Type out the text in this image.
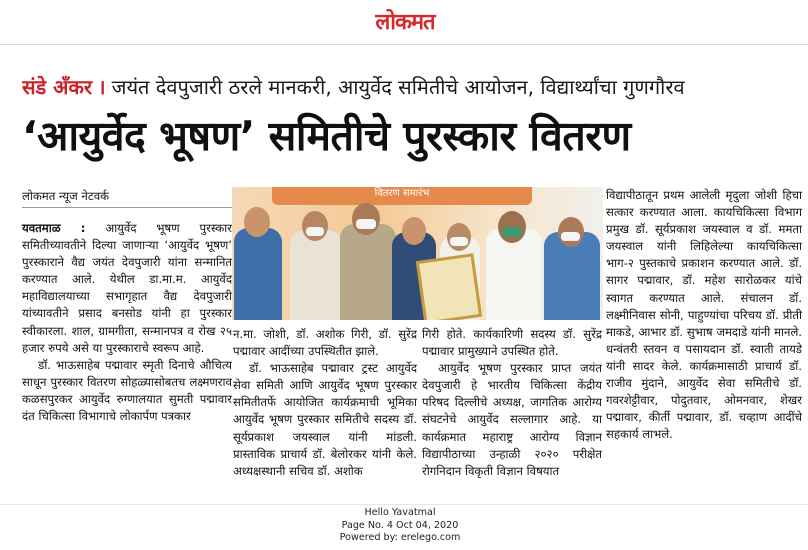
लोकमत
संडे अँकर । जयंत देवपुजारी ठरले मानकरी, आयुर्वेद समितीचे आयोजन, विद्यार्थ्यांचा गुणगौरव
‘आयुर्वेद भूषण’ समितीचे पुरस्कार वितरण
लोकमत न्यूज नेटवर्क

यवतमाळ : आयुर्वेद भूषण पुरस्कार समितीच्यावतीने दिल्या जाणाऱ्या ‘आयुर्वेद भूषण’ पुरस्काराने वैद्य जयंत देवपुजारी यांना सन्मानित करण्यात आले. येथील डा.मा.म. आयुर्वेद महाविद्यालयाच्या सभागृहात वैद्य देवपुजारी यांच्यावतीने प्रसाद बनसोड यांनी हा पुरस्कार स्वीकारला. शाल, ग्रामगीता, सन्मानपत्र व रोख २५ हजार रुपये असे या पुरस्काराचे स्वरूप आहे.

डॉ. भाऊसाहेब पद्मावार स्मृती दिनाचे औचित्य साधून पुरस्कार वितरण सोहळ्यासोबतच लक्ष्मणराव कळसपुरकर आयुर्वेद रुग्णालयात सुमती पद्मावार दंत चिकित्सा विभागाचे लोकार्पण पत्रकार

वितरण समारंभ

न.मा. जोशी, डॉ. अशोक गिरी, डॉ. सुरेंद्र पद्मावार आदींच्या उपस्थितीत झाले.

डॉ. भाऊसाहेब पद्मावार ट्रस्ट आयुर्वेद सेवा समिती आणि आयुर्वेद भूषण पुरस्कार समितीतर्फे आयोजित कार्यक्रमाची भूमिका आयुर्वेद भूषण पुरस्कार समितीचे सदस्य डॉ. सूर्यप्रकाश जयस्वाल यांनी मांडली. प्रास्ताविक प्राचार्य डॉ. बेलोरकर यांनी केले. अध्यक्षस्थानी सचिव डॉ. अशोक

गिरी होते. कार्यकारिणी सदस्य डॉ. सुरेंद्र पद्मावार प्रामुख्याने उपस्थित होते.

आयुर्वेद भूषण पुरस्कार प्राप्त जयंत देवपुजारी हे भारतीय चिकित्सा केंद्रीय परिषद दिल्लीचे अध्यक्ष, जागतिक आरोग्य संघटनेचे आयुर्वेद सल्लागार आहे. या कार्यक्रमात महाराष्ट्र आरोग्य विज्ञान विद्यापीठाच्या उन्हाळी २०२० परीक्षेत रोगनिदान विकृती विज्ञान विषयात

विद्यापीठातून प्रथम आलेली मृदुला जोशी हिचा सत्कार करण्यात आला. कायचिकित्सा विभाग प्रमुख डॉ. सूर्यप्रकाश जयस्वाल व डॉ. ममता जयस्वाल यांनी लिहिलेल्या कायचिकित्सा भाग-२ पुस्तकाचे प्रकाशन करण्यात आले. डॉ. सागर पद्मावार, डॉ. महेश सारोळकर यांचे स्वागत करण्यात आले. संचालन डॉ. लक्ष्मीनिवास सोनी, पाहुण्यांचा परिचय डॉ. प्रीती माकडे, आभार डॉ. सुभाष जमदाडे यांनी मानले. धन्वंतरी स्तवन व पसायदान डॉ. स्वाती तायडे यांनी सादर केले. कार्यक्रमासाठी प्राचार्य डॉ. राजीव मुंदाने, आयुर्वेद सेवा समितीचे डॉ. गवरशेट्टीवार, पोदुतवार, ओमनवार, शेखर पद्मावार, कीर्ती पद्मावार, डॉ. चव्हाण आदींचे सहकार्य लाभले.

Hello Yavatmal
Page No. 4 Oct 04, 2020
Powered by: erelego.com
